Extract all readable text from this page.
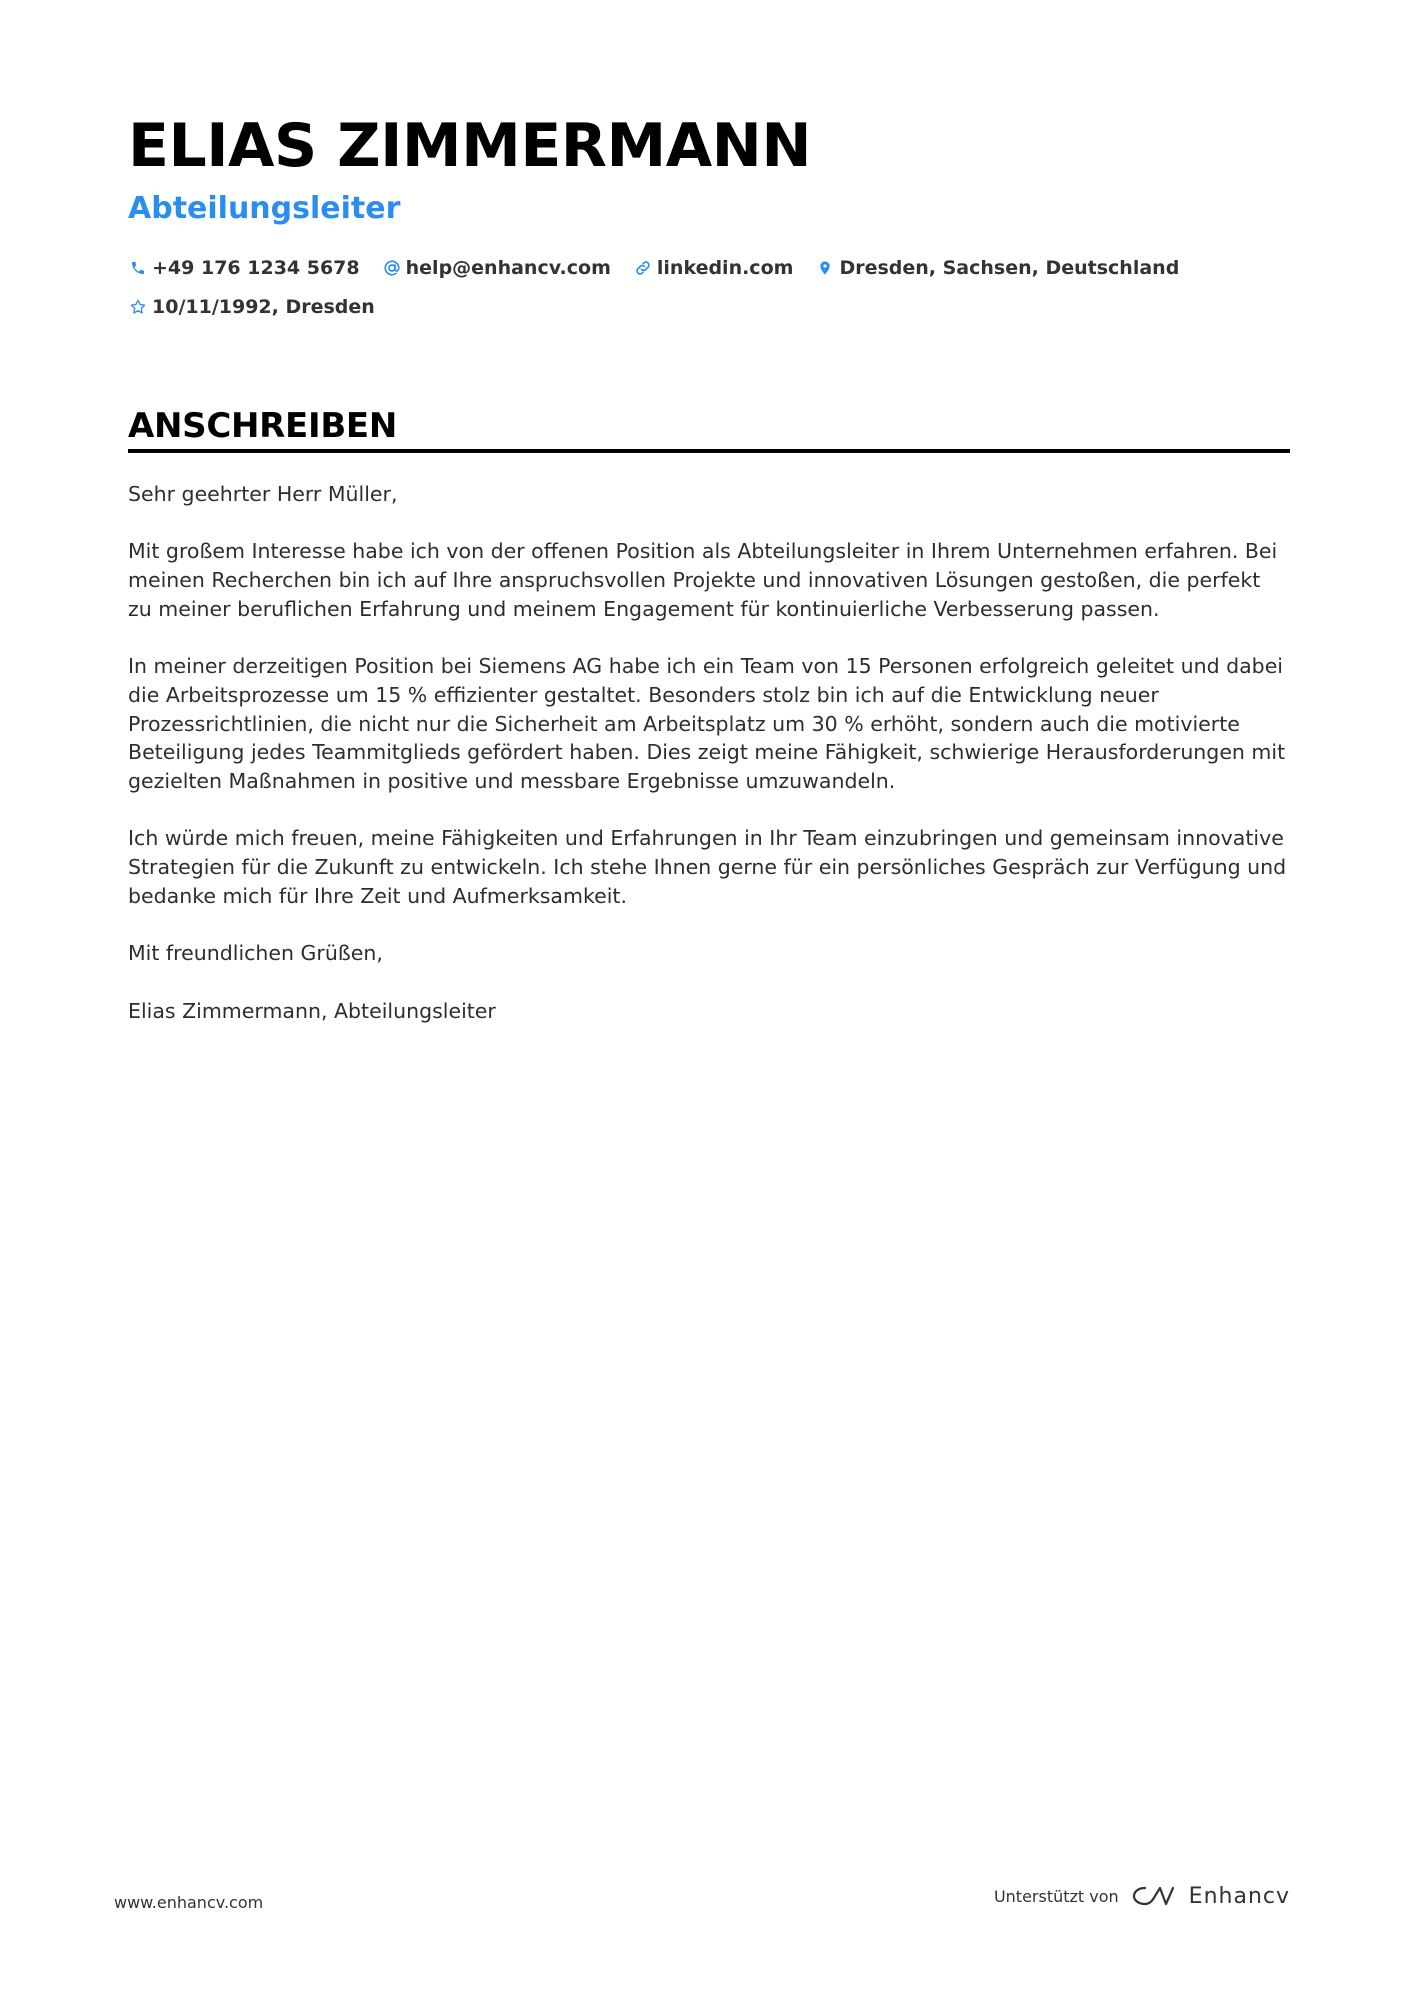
ELIAS ZIMMERMANN
Abteilungsleiter
+49 176 1234 5678 help@enhancv.com linkedin.com Dresden, Sachsen, Deutschland
10/11/1992, Dresden
ANSCHREIBEN

Sehr geehrter Herr Müller,

Mit großem Interesse habe ich von der offenen Position als Abteilungsleiter in Ihrem Unternehmen erfahren. Bei meinen Recherchen bin ich auf Ihre anspruchsvollen Projekte und innovativen Lösungen gestoßen, die perfekt zu meiner beruflichen Erfahrung und meinem Engagement für kontinuierliche Verbesserung passen.

In meiner derzeitigen Position bei Siemens AG habe ich ein Team von 15 Personen erfolgreich geleitet und dabei die Arbeitsprozesse um 15 % effizienter gestaltet. Besonders stolz bin ich auf die Entwicklung neuer Prozessrichtlinien, die nicht nur die Sicherheit am Arbeitsplatz um 30 % erhöht, sondern auch die motivierte Beteiligung jedes Teammitglieds gefördert haben. Dies zeigt meine Fähigkeit, schwierige Herausforderungen mit gezielten Maßnahmen in positive und messbare Ergebnisse umzuwandeln.

Ich würde mich freuen, meine Fähigkeiten und Erfahrungen in Ihr Team einzubringen und gemeinsam innovative Strategien für die Zukunft zu entwickeln. Ich stehe Ihnen gerne für ein persönliches Gespräch zur Verfügung und bedanke mich für Ihre Zeit und Aufmerksamkeit.

Mit freundlichen Grüßen,

Elias Zimmermann, Abteilungsleiter

www.enhancv.com	Unterstützt von	Enhancv
